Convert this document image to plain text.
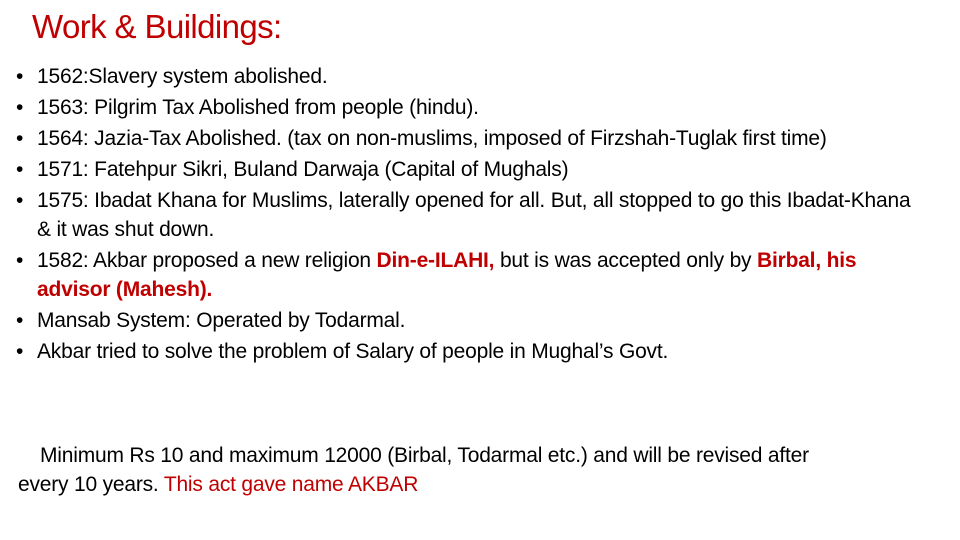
Work & Buildings:
• 1562:Slavery system abolished.
• 1563: Pilgrim Tax Abolished from people (hindu).
• 1564: Jazia-Tax Abolished. (tax on non-muslims, imposed of Firzshah-Tuglak first time)
• 1571: Fatehpur Sikri, Buland Darwaja (Capital of Mughals)
• 1575: Ibadat Khana for Muslims, laterally opened for all. But, all stopped to go this Ibadat-Khana & it was shut down.
• 1582: Akbar proposed a new religion Din-e-ILAHI, but is was accepted only by Birbal, his advisor (Mahesh).
• Mansab System: Operated by Todarmal.
• Akbar tried to solve the problem of Salary of people in Mughal’s Govt.

Minimum Rs 10 and maximum 12000 (Birbal, Todarmal etc.) and will be revised after every 10 years. This act gave name AKBAR
